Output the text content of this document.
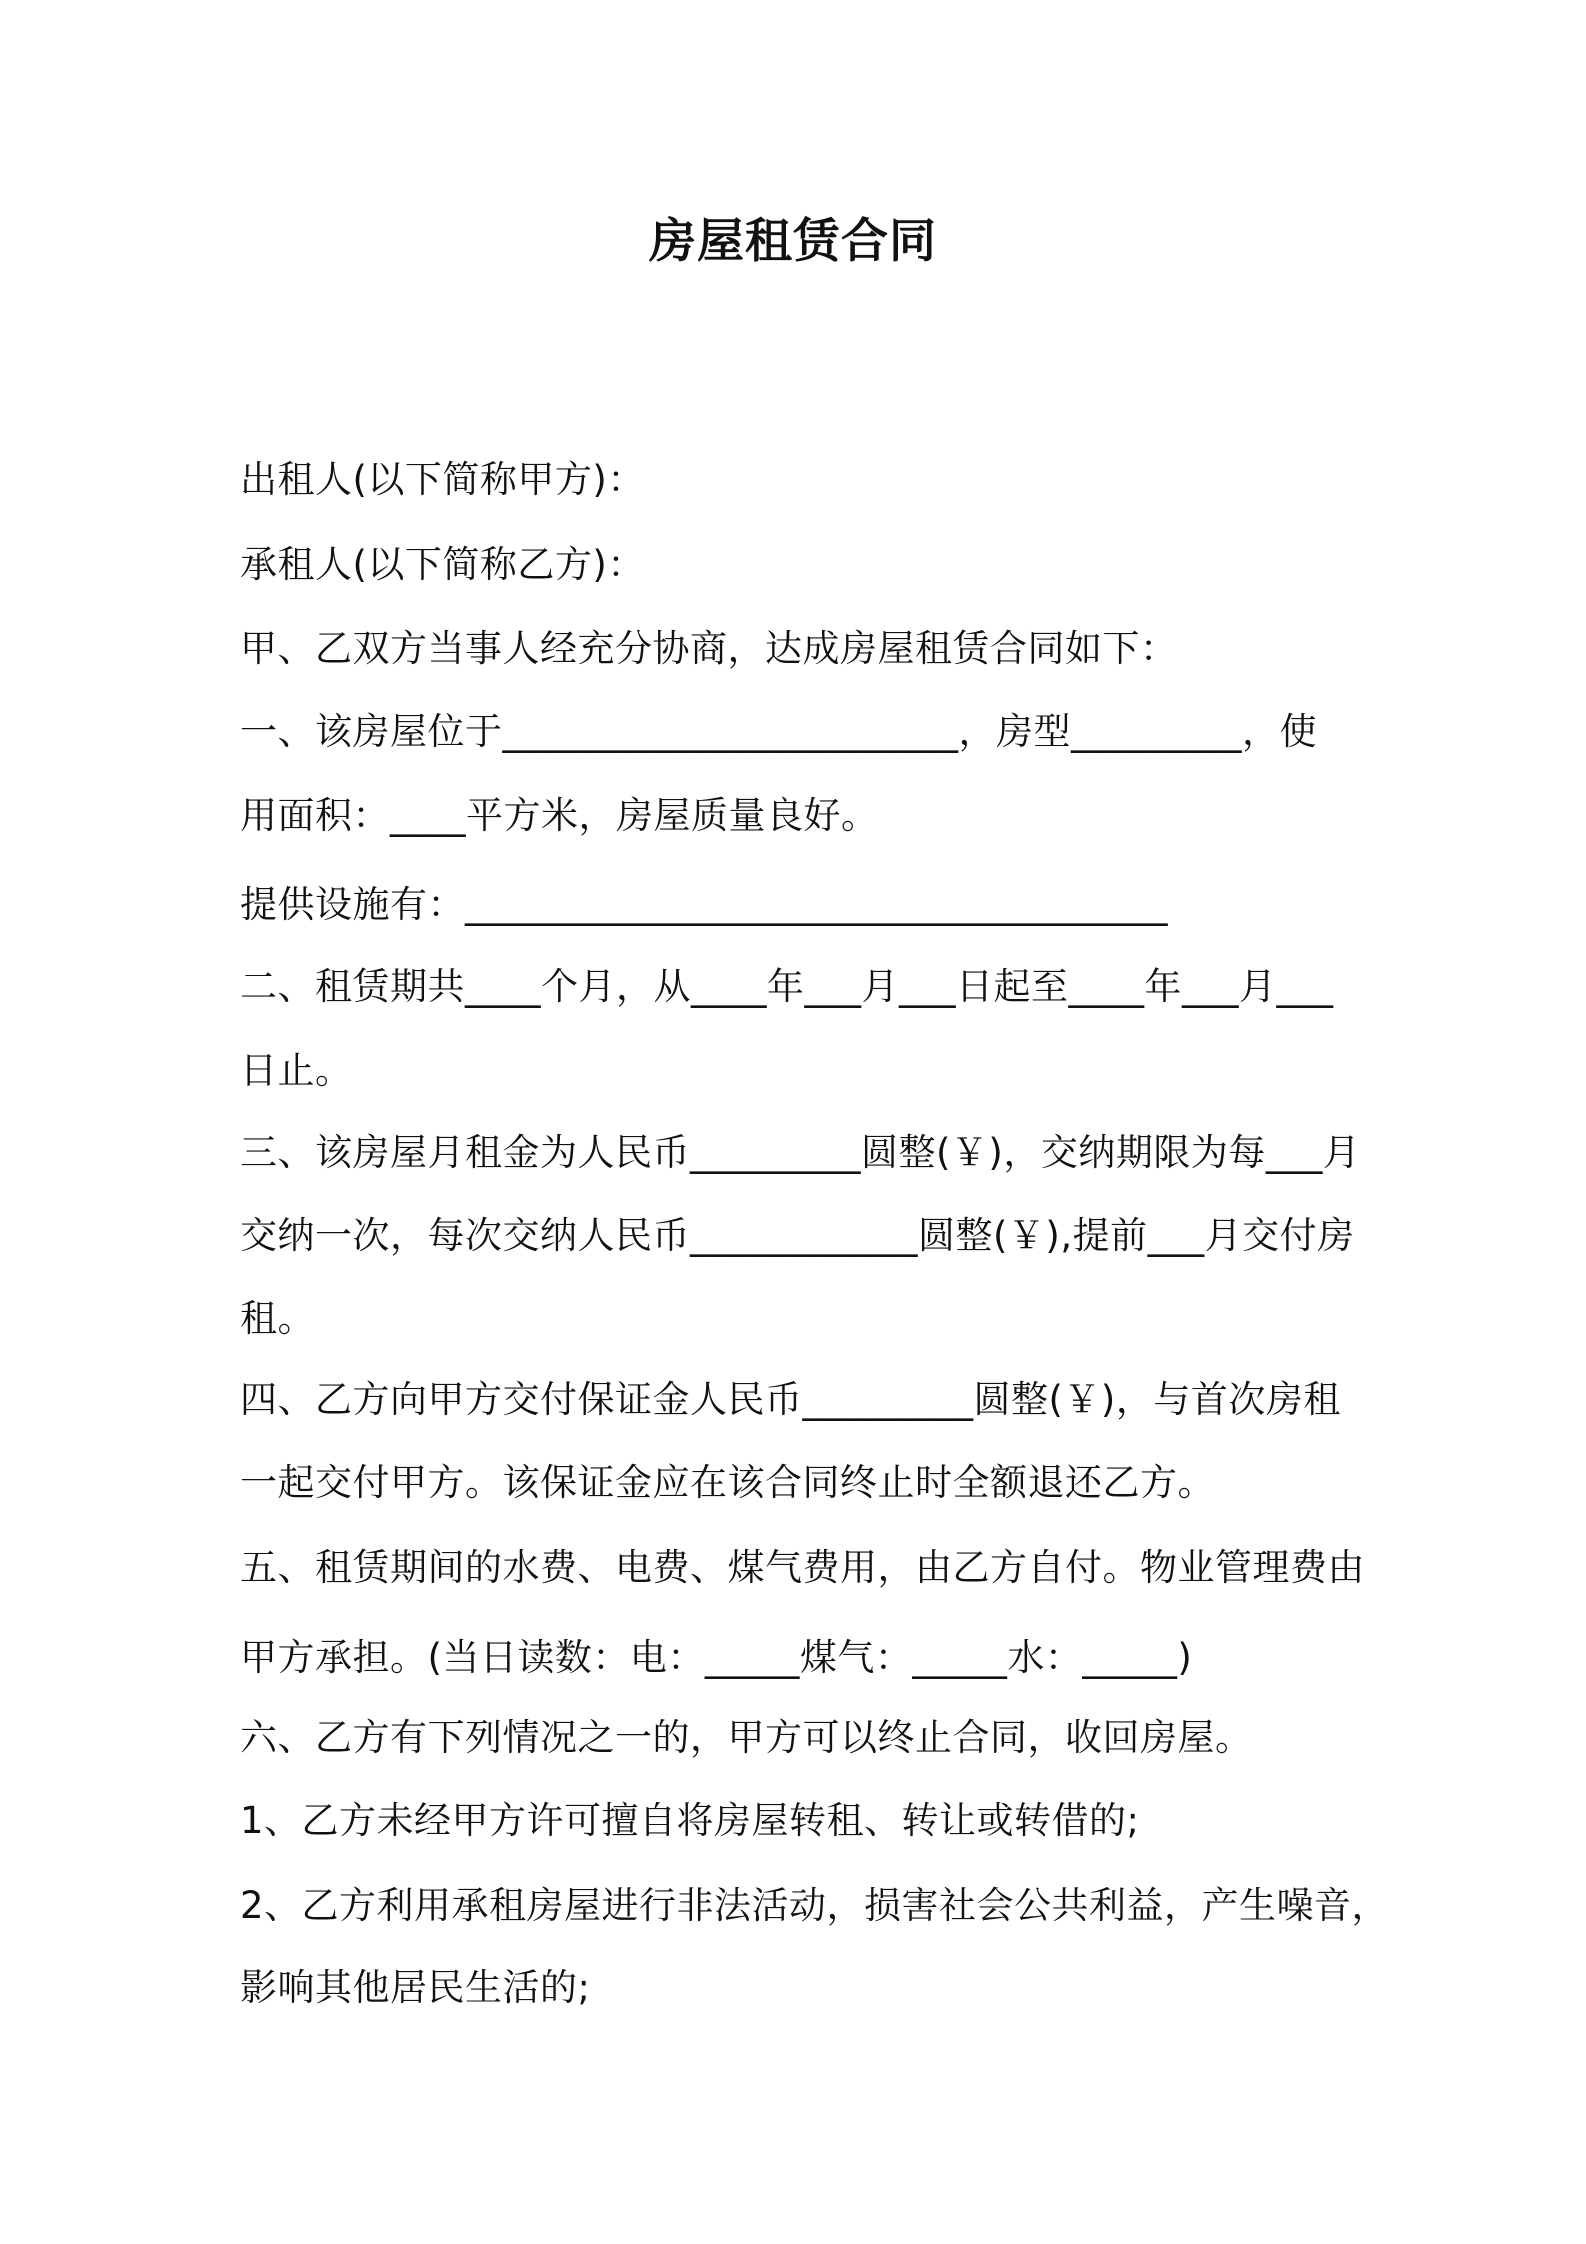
房屋租赁合同
出租人(以下简称甲方)：
承租人(以下简称乙方)：
甲、乙双方当事人经充分协商，达成房屋租赁合同如下：
一、该房屋位于________________________，房型_________，使
用面积：____平方米，房屋质量良好。
提供设施有：_____________________________________
二、租赁期共____个月，从____年___月___日起至____年___月___
日止。
三、该房屋月租金为人民币_________圆整(￥)，交纳期限为每___月
交纳一次，每次交纳人民币____________圆整(￥),提前___月交付房
租。
四、乙方向甲方交付保证金人民币_________圆整(￥)，与首次房租
一起交付甲方。该保证金应在该合同终止时全额退还乙方。
五、租赁期间的水费、电费、煤气费用，由乙方自付。物业管理费由
甲方承担。(当日读数：电：_____煤气：_____水：_____)
六、乙方有下列情况之一的，甲方可以终止合同，收回房屋。
1、乙方未经甲方许可擅自将房屋转租、转让或转借的;
2、乙方利用承租房屋进行非法活动，损害社会公共利益，产生噪音，
影响其他居民生活的;
